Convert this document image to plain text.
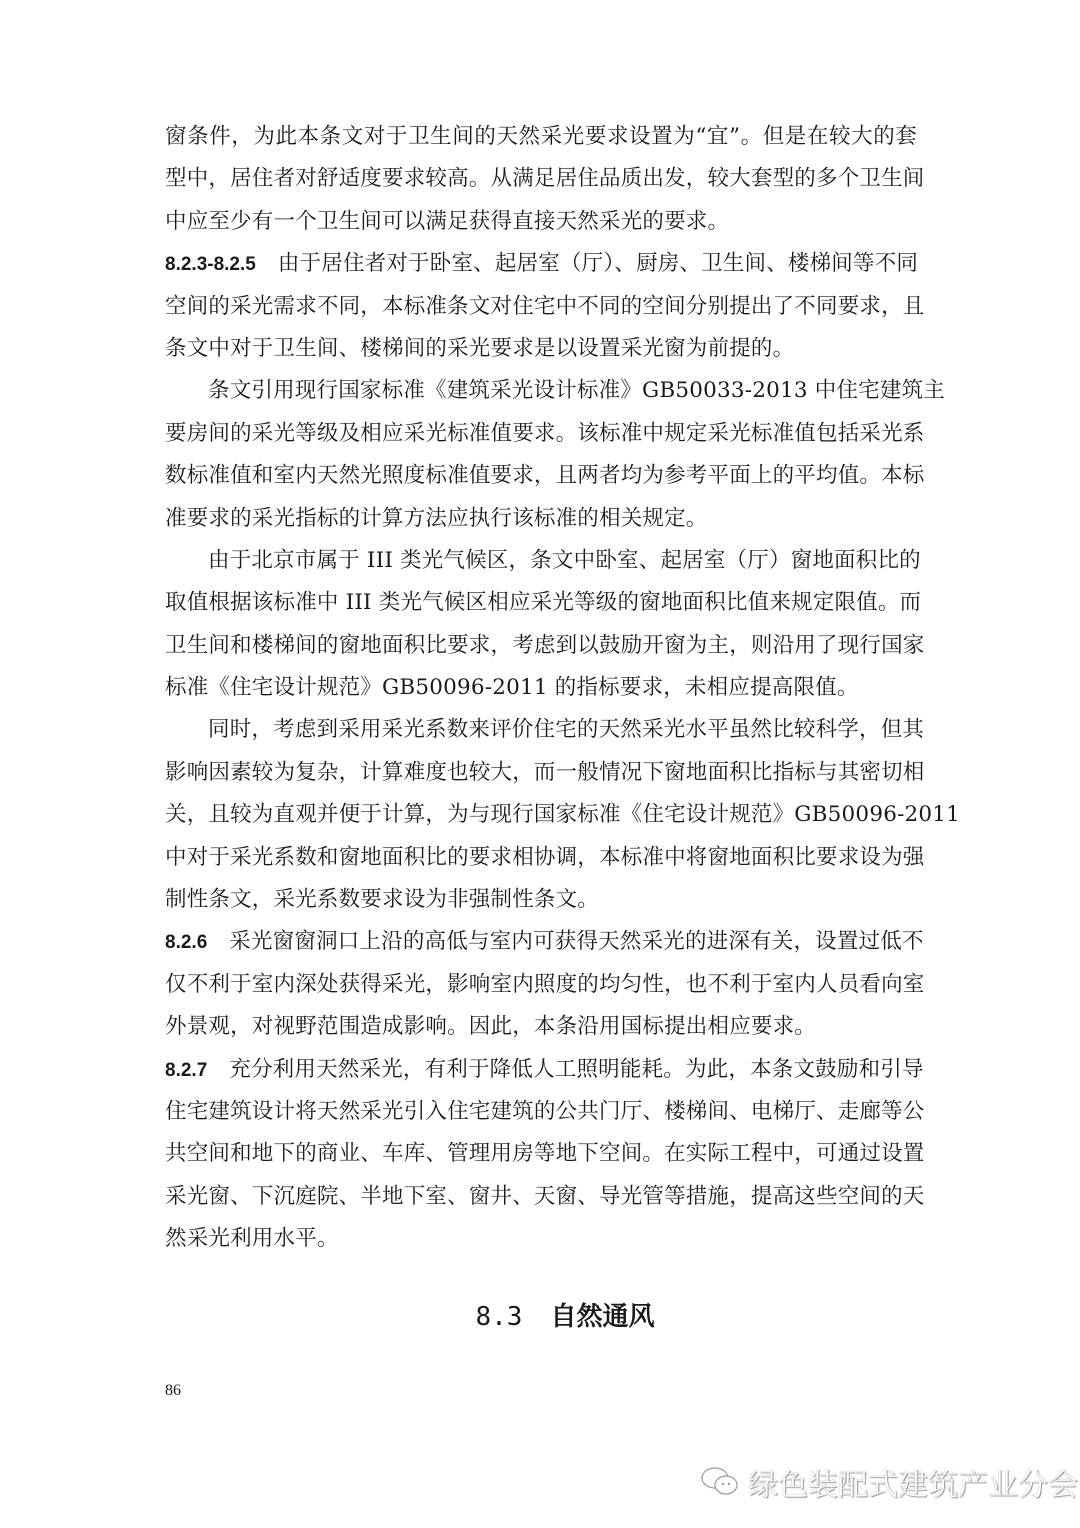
窗条件，为此本条文对于卫生间的天然采光要求设置为“宜”。但是在较大的套
型中，居住者对舒适度要求较高。从满足居住品质出发，较大套型的多个卫生间
中应至少有一个卫生间可以满足获得直接天然采光的要求。
8.2.3-8.2.5 由于居住者对于卧室、起居室（厅）、厨房、卫生间、楼梯间等不同
空间的采光需求不同，本标准条文对住宅中不同的空间分别提出了不同要求，且
条文中对于卫生间、楼梯间的采光要求是以设置采光窗为前提的。
条文引用现行国家标准《建筑采光设计标准》GB50033-2013 中住宅建筑主
要房间的采光等级及相应采光标准值要求。该标准中规定采光标准值包括采光系
数标准值和室内天然光照度标准值要求，且两者均为参考平面上的平均值。本标
准要求的采光指标的计算方法应执行该标准的相关规定。
由于北京市属于 III 类光气候区，条文中卧室、起居室（厅）窗地面积比的
取值根据该标准中 III 类光气候区相应采光等级的窗地面积比值来规定限值。而
卫生间和楼梯间的窗地面积比要求，考虑到以鼓励开窗为主，则沿用了现行国家
标准《住宅设计规范》GB50096-2011 的指标要求，未相应提高限值。
同时，考虑到采用采光系数来评价住宅的天然采光水平虽然比较科学，但其
影响因素较为复杂，计算难度也较大，而一般情况下窗地面积比指标与其密切相
关，且较为直观并便于计算，为与现行国家标准《住宅设计规范》GB50096-2011
中对于采光系数和窗地面积比的要求相协调，本标准中将窗地面积比要求设为强
制性条文，采光系数要求设为非强制性条文。
8.2.6 采光窗窗洞口上沿的高低与室内可获得天然采光的进深有关，设置过低不
仅不利于室内深处获得采光，影响室内照度的均匀性，也不利于室内人员看向室
外景观，对视野范围造成影响。因此，本条沿用国标提出相应要求。
8.2.7 充分利用天然采光，有利于降低人工照明能耗。为此，本条文鼓励和引导
住宅建筑设计将天然采光引入住宅建筑的公共门厅、楼梯间、电梯厅、走廊等公
共空间和地下的商业、车库、管理用房等地下空间。在实际工程中，可通过设置
采光窗、下沉庭院、半地下室、窗井、天窗、导光管等措施，提高这些空间的天
然采光利用水平。
8.3 自然通风
86
绿色装配式建筑产业分会
